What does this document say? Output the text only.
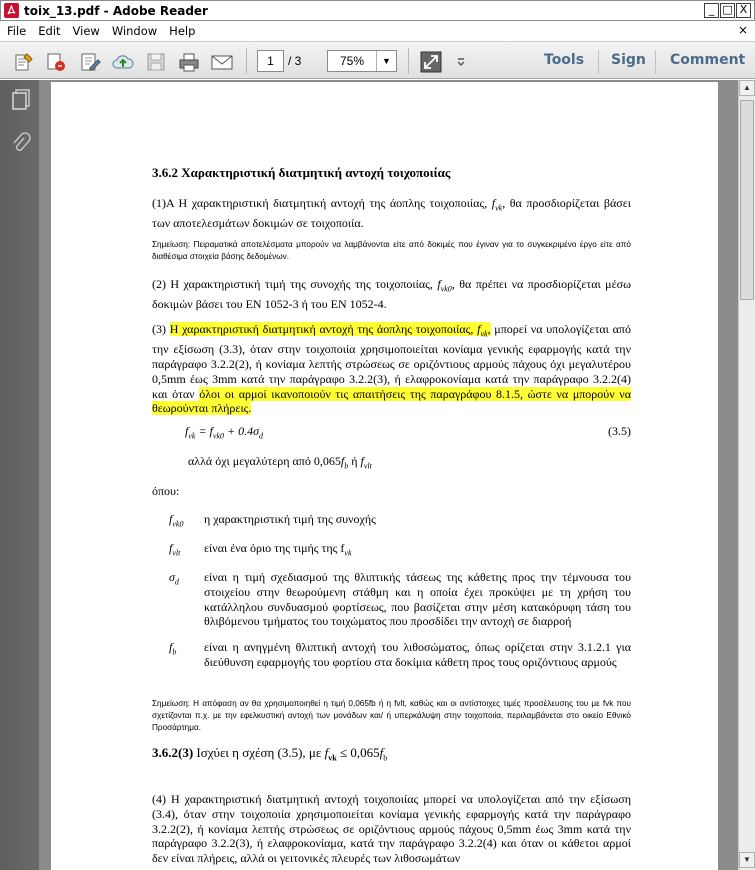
toix_13.pdf - Adobe Reader	_ □ X
File	Edit	View	Window	Help	×
1	/ 3	75%	▼	Tools Sign Comment
3.6.2 Χαρακτηριστική διατμητική αντοχή τοιχοποιίας

(1)A Η χαρακτηριστική διατμητική αντοχή της άοπλης τοιχοποιίας, $f_{vk}$, θα προσδιορίζεται βάσει των αποτελεσμάτων δοκιμών σε τοιχοποιία.

Σημείωση: Πειραματικά αποτελέσματα μπορούν να λαμβάνονται είτε από δοκιμές που έγιναν για το συγκεκριμένο έργο είτε από διαθέσιμα στοιχεία βάσης δεδομένων.

(2) Η χαρακτηριστική τιμή της συνοχής της τοιχοποιίας, $f_{vk0}$, θα πρέπει να προσδιορίζεται μέσω δοκιμών βάσει του EN 1052-3 ή του EN 1052-4.

(3) Η χαρακτηριστική διατμητική αντοχή της άοπλης τοιχοποιίας, $f_{vk}$, μπορεί να υπολογίζεται από την εξίσωση (3.3), όταν στην τοιχοποιία χρησιμοποιείται κονίαμα γενικής εφαρμογής κατά την παράγραφο 3.2.2(2), ή κονίαμα λεπτής στρώσεως σε οριζόντιους αρμούς πάχους όχι μεγαλυτέρου 0,5mm έως 3mm κατά την παράγραφο 3.2.2(3), ή ελαφροκονίαμα κατά την παράγραφο 3.2.2(4) και όταν όλοι οι αρμοί ικανοποιούν τις απαιτήσεις της παραγράφου 8.1.5, ώστε να μπορούν να θεωρούνται πλήρεις.

$f_{vk} = f_{vk0} + 0.4\sigma_d$	(3.5)
αλλά όχι μεγαλύτερη από $0,065f_b$ ή $f_{vlt}$
όπου:
$f_{vk0}$ η χαρακτηριστική τιμή της συνοχής
$f_{vlt}$ είναι ένα όριο της τιμής της $f_{vk}$
$\sigma_d$ είναι η τιμή σχεδιασμού της θλιπτικής τάσεως της κάθετης προς την τέμνουσα του στοιχείου στην θεωρούμενη στάθμη και η οποία έχει προκύψει με τη χρήση του κατάλληλου συνδυασμού φορτίσεως, που βασίζεται στην μέση κατακόρυφη τάση του θλιβόμενου τμήματος του τοιχώματος που προσδίδει την αντοχή σε διαρροή
$f_b$ είναι η ανηγμένη θλιπτική αντοχή του λιθοσώματος, όπως ορίζεται στην 3.1.2.1 για διεύθυνση εφαρμογής του φορτίου στα δοκίμια κάθετη προς τους οριζόντιους αρμούς

Σημείωση: Η απόφαση αν θα χρησιμοποιηθεί η τιμή 0,065fb ή η fvlt, καθώς και οι αντίστοιχες τιμές προσέλευσης του με fvk που σχετίζονται π.χ. με την εφελκυστική αντοχή των μονάδων και/ ή υπερκάλυψη στην τοιχοποιία, περιλαμβάνεται στο οικείο Εθνικό Προσάρτημα.

3.6.2(3) Ισχύει η σχέση (3.5), με $f_{vk} \le 0,065f_b$

(4) Η χαρακτηριστική διατμητική αντοχή τοιχοποιίας μπορεί να υπολογίζεται από την εξίσωση (3.4), όταν στην τοιχοποιία χρησιμοποιείται κονίαμα γενικής εφαρμογής κατά την παράγραφο 3.2.2(2), ή κονίαμα λεπτής στρώσεως σε οριζόντιους αρμούς πάχους 0,5mm έως 3mm κατά την παράγραφο 3.2.2(3), ή ελαφροκονίαμα, κατά την παράγραφο 3.2.2(4) και όταν οι κάθετοι αρμοί δεν είναι πλήρεις, αλλά οι γειτονικές πλευρές των λιθοσωμάτων

▲
▼
